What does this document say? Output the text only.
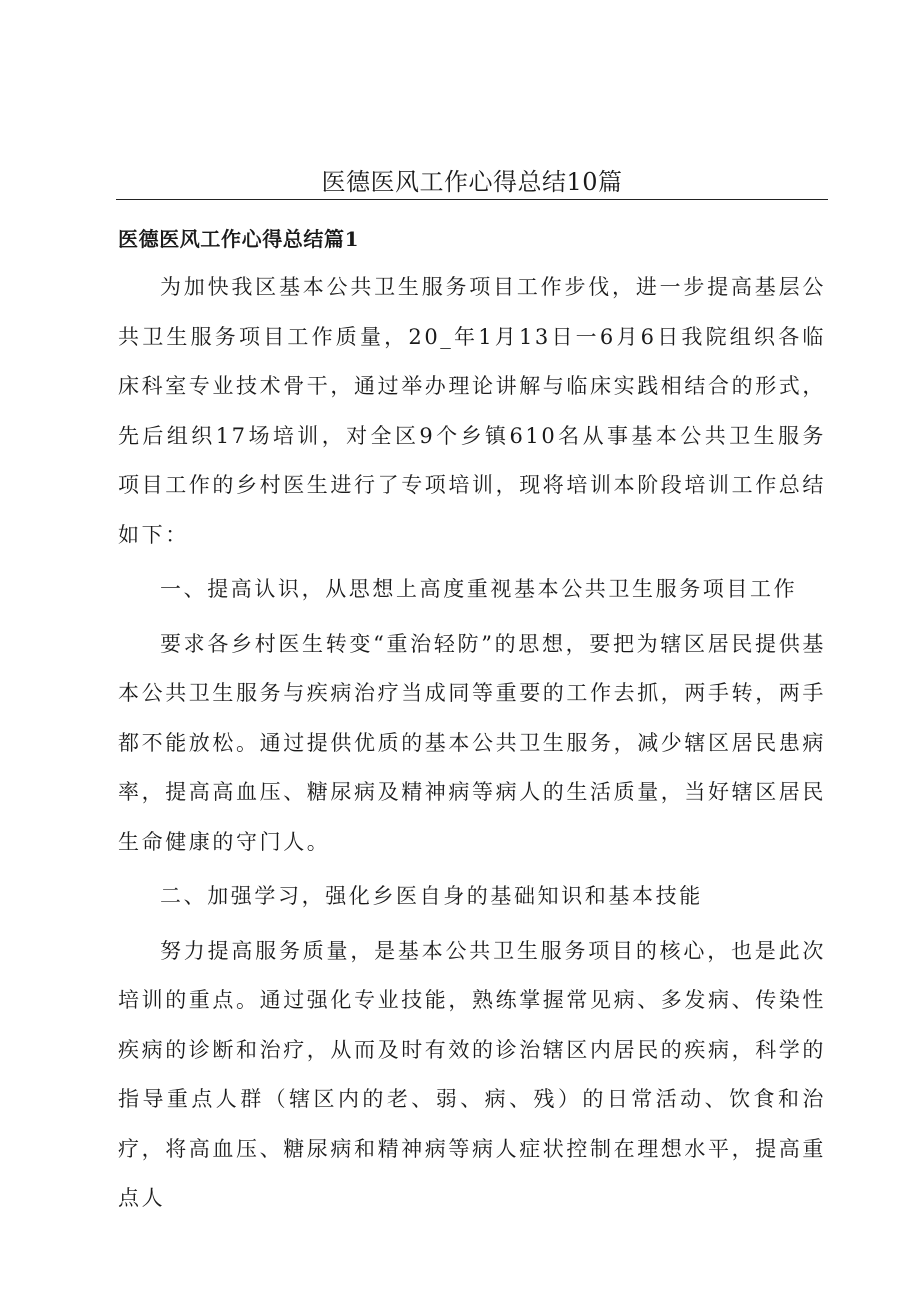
医德医风工作心得总结10篇
医德医风工作心得总结篇1

为加快我区基本公共卫生服务项目工作步伐，进一步提高基层公共卫生服务项目工作质量，20_年1月13日一6月6日我院组织各临床科室专业技术骨干，通过举办理论讲解与临床实践相结合的形式，先后组织17场培训，对全区9个乡镇610名从事基本公共卫生服务项目工作的乡村医生进行了专项培训，现将培训本阶段培训工作总结如下：

一、提高认识，从思想上高度重视基本公共卫生服务项目工作

要求各乡村医生转变“重治轻防”的思想，要把为辖区居民提供基本公共卫生服务与疾病治疗当成同等重要的工作去抓，两手转，两手都不能放松。通过提供优质的基本公共卫生服务，减少辖区居民患病率，提高高血压、糖尿病及精神病等病人的生活质量，当好辖区居民生命健康的守门人。

二、加强学习，强化乡医自身的基础知识和基本技能

努力提高服务质量，是基本公共卫生服务项目的核心，也是此次培训的重点。通过强化专业技能，熟练掌握常见病、多发病、传染性疾病的诊断和治疗，从而及时有效的诊治辖区内居民的疾病，科学的指导重点人群（辖区内的老、弱、病、残）的日常活动、饮食和治疗，将高血压、糖尿病和精神病等病人症状控制在理想水平，提高重点人
